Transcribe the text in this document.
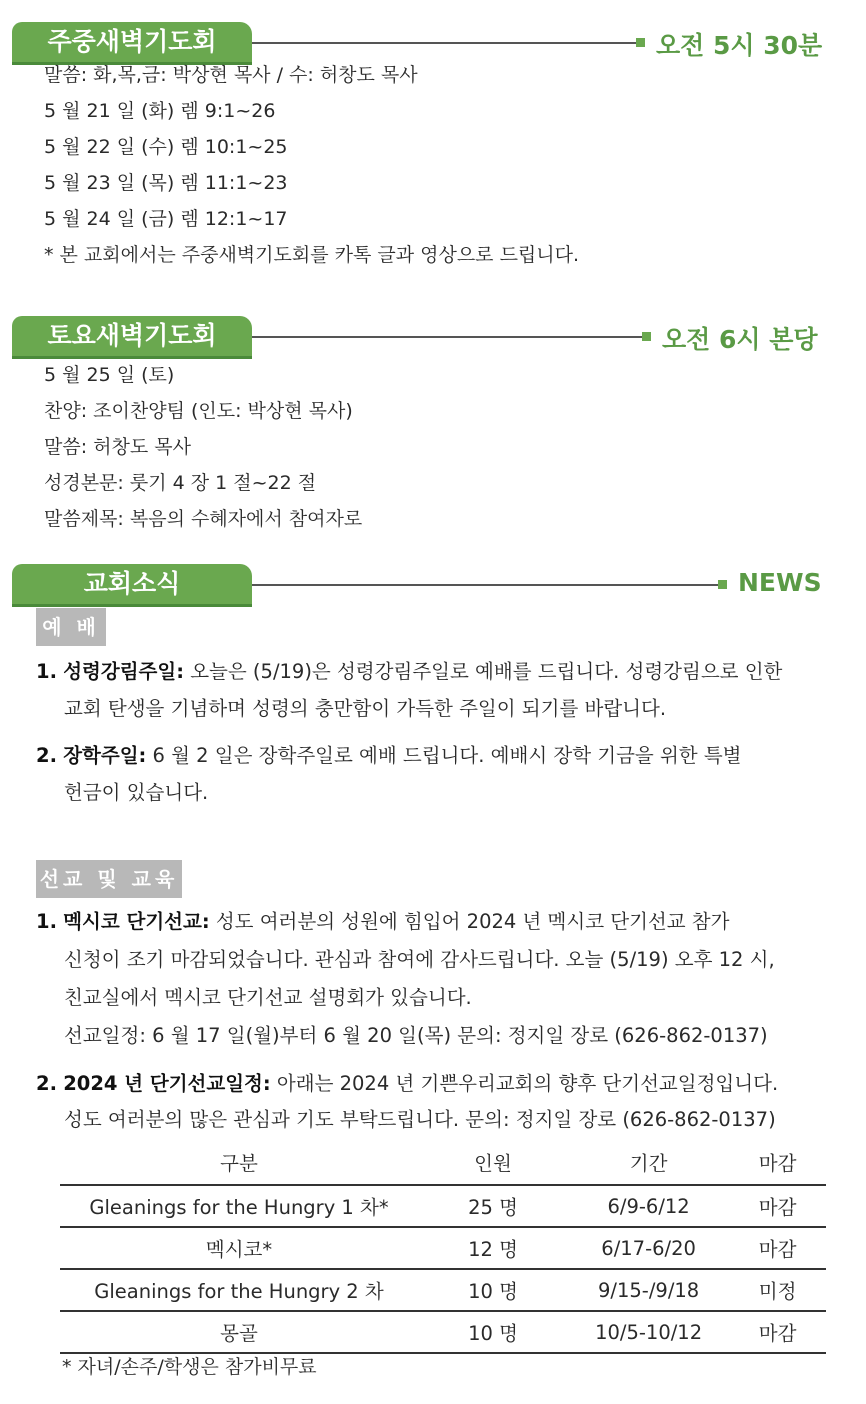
주중새벽기도회	오전 5시 30분
말씀: 화,목,금: 박상현 목사 / 수: 허창도 목사
5 월 21 일 (화) 렘 9:1~26
5 월 22 일 (수) 렘 10:1~25
5 월 23 일 (목) 렘 11:1~23
5 월 24 일 (금) 렘 12:1~17
* 본 교회에서는 주중새벽기도회를 카톡 글과 영상으로 드립니다.
토요새벽기도회	오전 6시 본당
5 월 25 일 (토)
찬양: 조이찬양팀 (인도: 박상현 목사)
말씀: 허창도 목사
성경본문: 룻기 4 장 1 절~22 절
말씀제목: 복음의 수혜자에서 참여자로
교회소식	NEWS
예 배
1. 성령강림주일: 오늘은 (5/19)은 성령강림주일로 예배를 드립니다. 성령강림으로 인한
교회 탄생을 기념하며 성령의 충만함이 가득한 주일이 되기를 바랍니다.
2. 장학주일: 6 월 2 일은 장학주일로 예배 드립니다. 예배시 장학 기금을 위한 특별
헌금이 있습니다.
선교 및 교육
1. 멕시코 단기선교: 성도 여러분의 성원에 힘입어 2024 년 멕시코 단기선교 참가
신청이 조기 마감되었습니다. 관심과 참여에 감사드립니다. 오늘 (5/19) 오후 12 시,
친교실에서 멕시코 단기선교 설명회가 있습니다.
선교일정: 6 월 17 일(월)부터 6 월 20 일(목) 문의: 정지일 장로 (626-862-0137)
2. 2024 년 단기선교일정: 아래는 2024 년 기쁜우리교회의 향후 단기선교일정입니다.
성도 여러분의 많은 관심과 기도 부탁드립니다. 문의: 정지일 장로 (626-862-0137)
구분	인원	기간	마감
Gleanings for the Hungry 1 차*	25 명	6/9-6/12	마감
멕시코*	12 명	6/17-6/20	마감
Gleanings for the Hungry 2 차	10 명	9/15-/9/18	미정
몽골	10 명	10/5-10/12	마감
* 자녀/손주/학생은 참가비무료
